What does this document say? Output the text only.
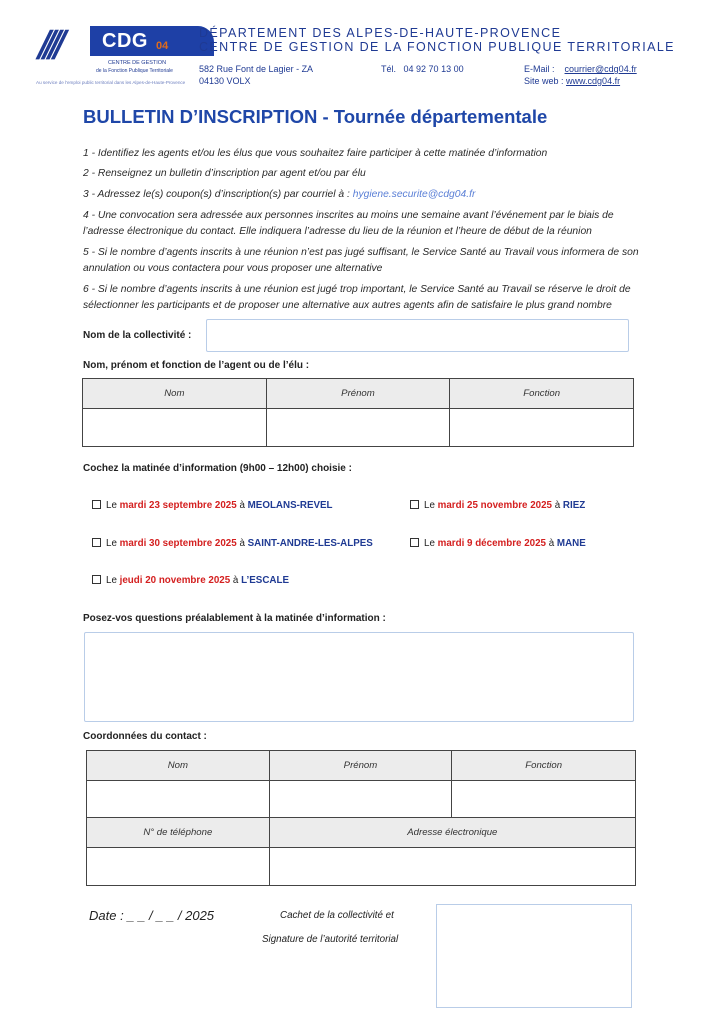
//// CDG 04
CENTRE DE GESTION
de la Fonction Publique Territoriale
Au service de l'emploi public territorial dans les Alpes-de-Haute-Provence
DÉPARTEMENT DES ALPES-DE-HAUTE-PROVENCE
CENTRE DE GESTION DE LA FONCTION PUBLIQUE TERRITORIALE
582 Rue Font de Lagier - ZA
04130 VOLX
Tél. 04 92 70 13 00	E-Mail : courrier@cdg04.fr
Site web : www.cdg04.fr
BULLETIN D’INSCRIPTION - Tournée départementale
1 - Identifiez les agents et/ou les élus que vous souhaitez faire participer à cette matinée d’information
2 - Renseignez un bulletin d’inscription par agent et/ou par élu
3 - Adressez le(s) coupon(s) d’inscription(s) par courriel à : hygiene.securite@cdg04.fr
4 - Une convocation sera adressée aux personnes inscrites au moins une semaine avant l’événement par le biais de l’adresse électronique du contact. Elle indiquera l’adresse du lieu de la réunion et l’heure de début de la réunion
5 - Si le nombre d’agents inscrits à une réunion n’est pas jugé suffisant, le Service Santé au Travail vous informera de son annulation ou vous contactera pour vous proposer une alternative
6 - Si le nombre d’agents inscrits à une réunion est jugé trop important, le Service Santé au Travail se réserve le droit de sélectionner les participants et de proposer une alternative aux autres agents afin de satisfaire le plus grand nombre
Nom de la collectivité :
Nom, prénom et fonction de l’agent ou de l’élu :
Nom	Prénom	Fonction

Cochez la matinée d’information (9h00 – 12h00) choisie :
Le mardi 23 septembre 2025 à MEOLANS-REVEL	Le mardi 25 novembre 2025 à RIEZ
Le mardi 30 septembre 2025 à SAINT-ANDRE-LES-ALPES	Le mardi 9 décembre 2025 à MANE
Le jeudi 20 novembre 2025 à L’ESCALE
Posez-vos questions préalablement à la matinée d’information :
Coordonnées du contact :
Nom	Prénom	Fonction

N° de téléphone	Adresse électronique

Date : _ _ / _ _ / 2025	Cachet de la collectivité et
Signature de l’autorité territorial
